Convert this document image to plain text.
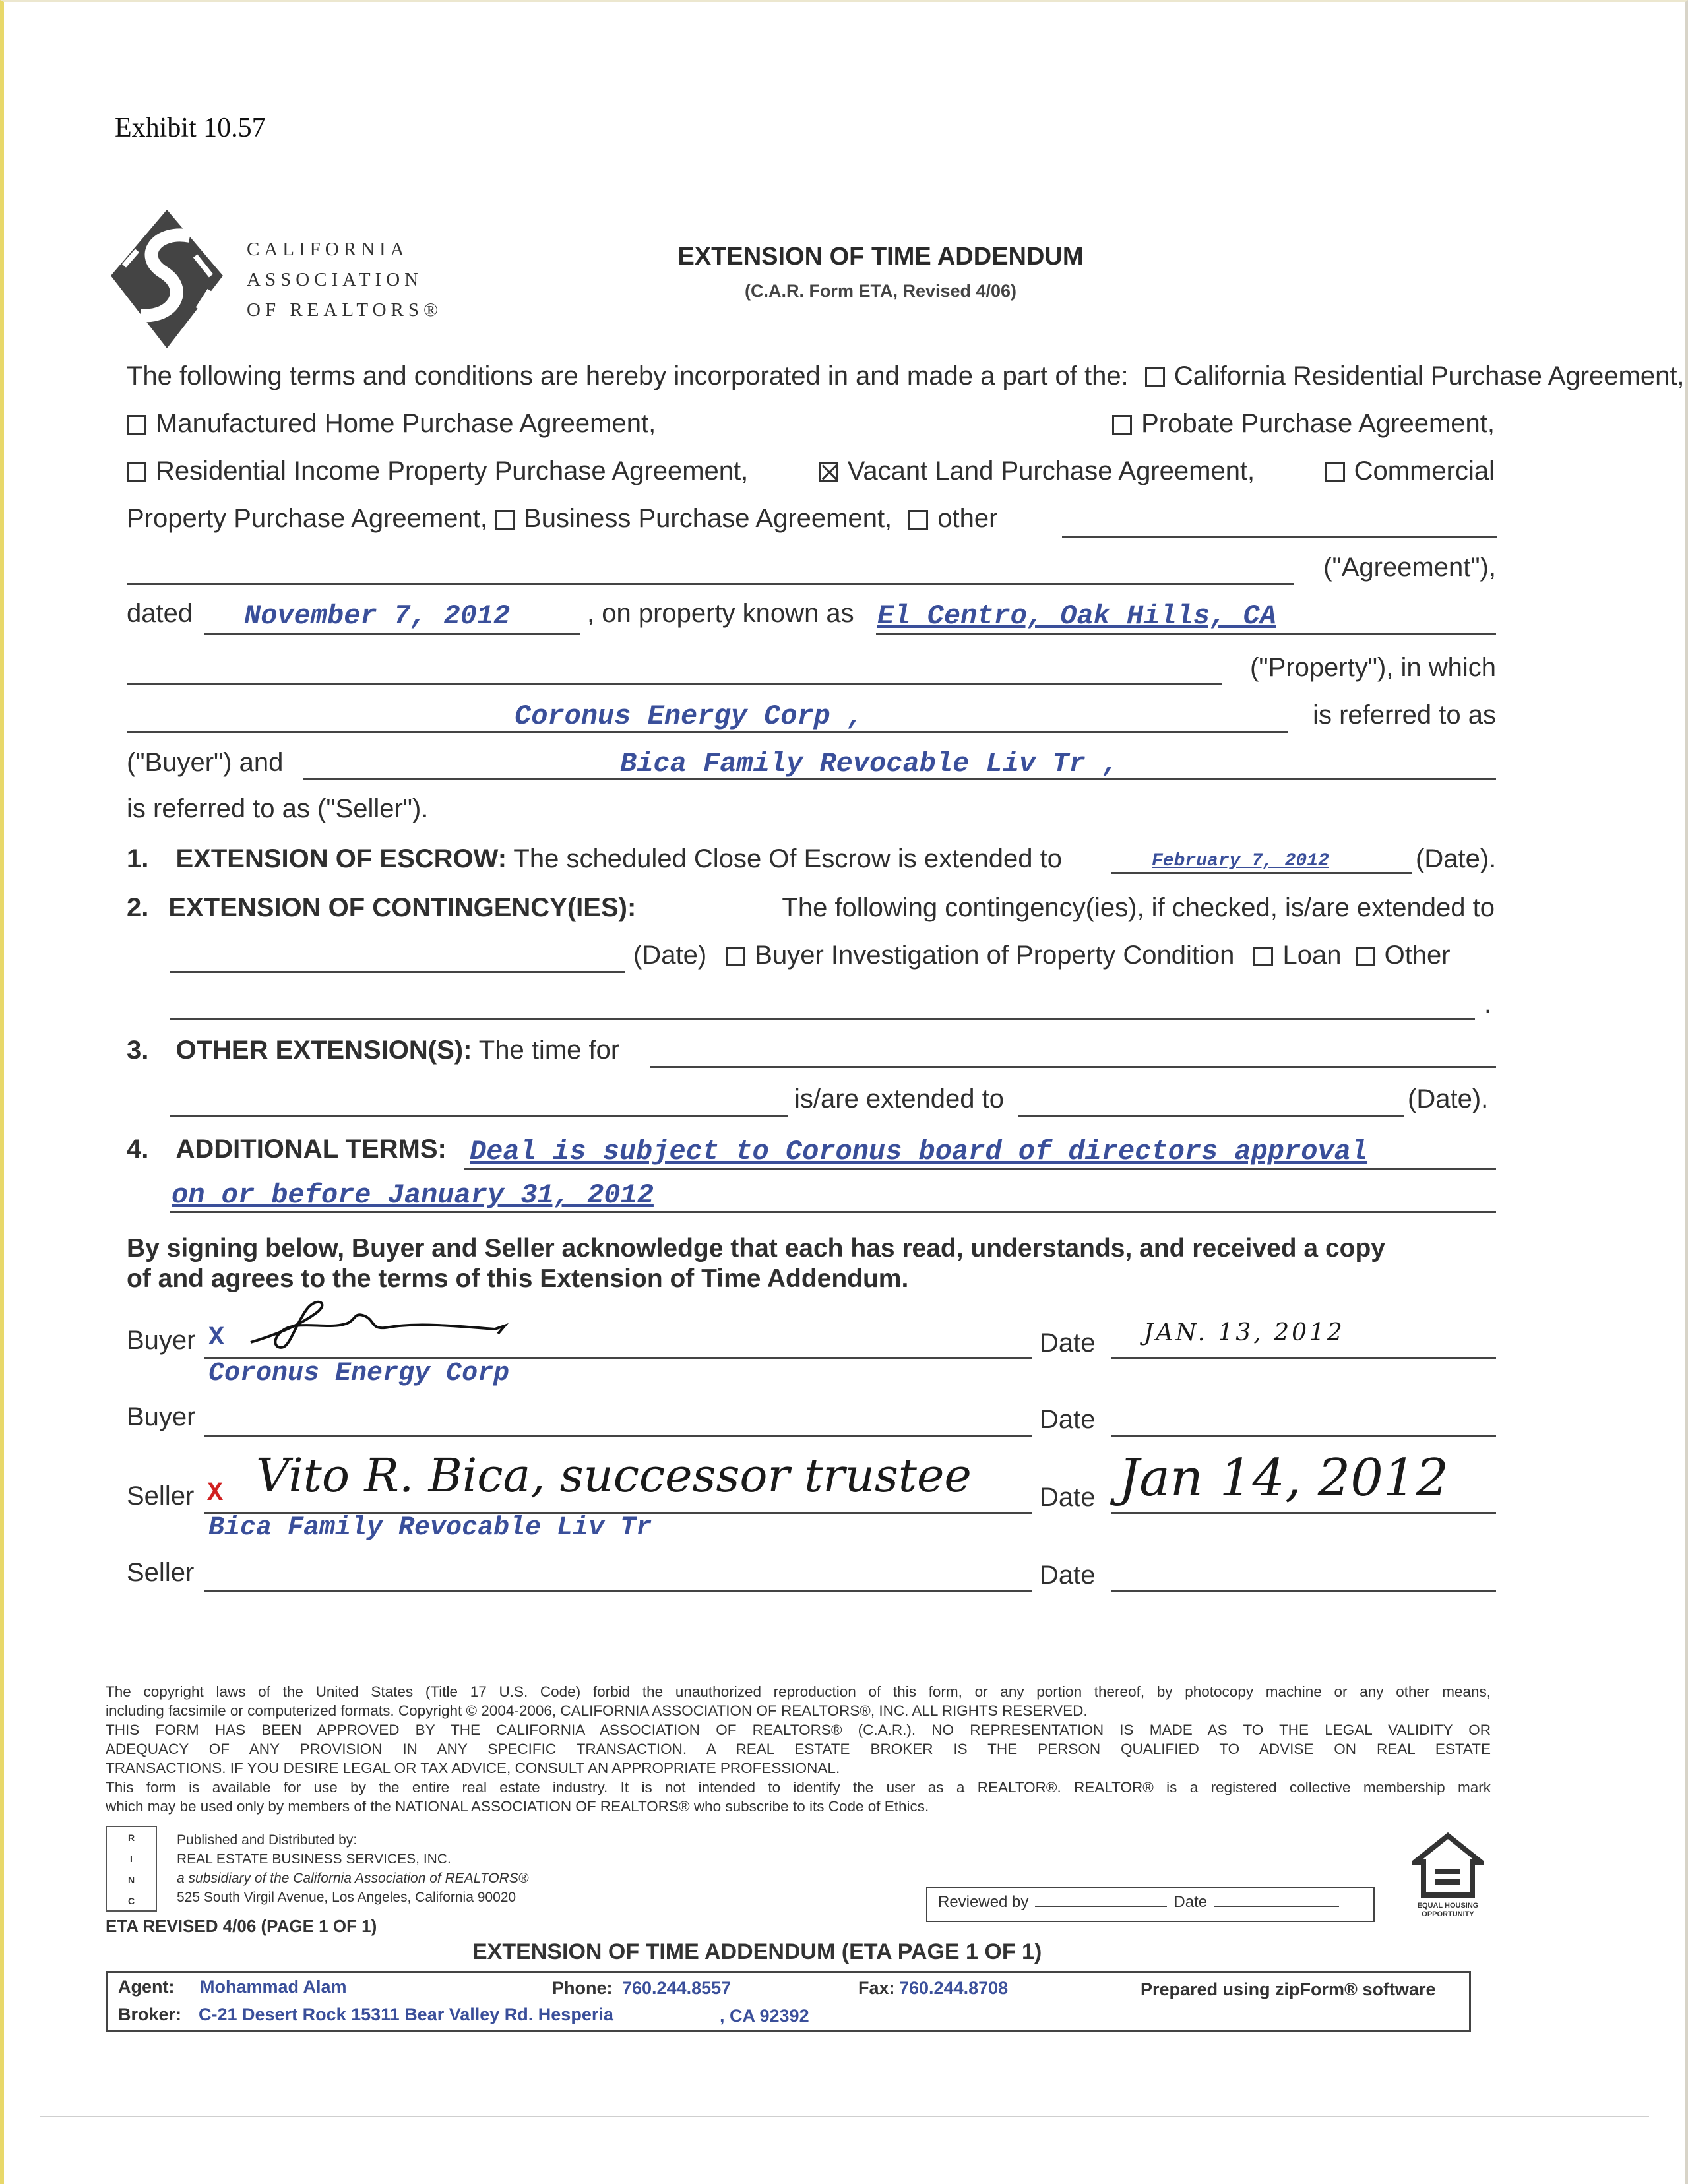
Exhibit 10.57
CALIFORNIA
ASSOCIATION
OF REALTORS®
EXTENSION OF TIME ADDENDUM
(C.A.R. Form ETA, Revised 4/06)
The following terms and conditions are hereby incorporated in and made a part of the: California Residential Purchase Agreement,
Manufactured Home Purchase Agreement,	Probate Purchase Agreement,
Residential Income Property Purchase Agreement,	Vacant Land Purchase Agreement,	Commercial
Property Purchase Agreement, Business Purchase Agreement, other
("Agreement"),
dated November 7, 2012	, on property known as El Centro, Oak Hills, CA
("Property"), in which
Coronus Energy Corp ,	is referred to as
("Buyer") and	Bica Family Revocable Liv Tr ,
is referred to as ("Seller").
1. EXTENSION OF ESCROW: The scheduled Close Of Escrow is extended to	February 7, 2012	(Date).
2. EXTENSION OF CONTINGENCY(IES):	The following contingency(ies), if checked, is/are extended to
(Date) Buyer Investigation of Property Condition Loan Other
.
3. OTHER EXTENSION(S): The time for
is/are extended to	(Date).
4. ADDITIONAL TERMS: Deal is subject to Coronus board of directors approval
on or before January 31, 2012
By signing below, Buyer and Seller acknowledge that each has read, understands, and received a copy
of and agrees to the terms of this Extension of Time Addendum.
Buyer X
Coronus Energy Corp
Date JAN. 13, 2012
Buyer	Date
Seller X Vito R. Bica, successor trustee
Bica Family Revocable Liv Tr
Date Jan 14, 2012
Seller	Date

The copyright laws of the United States (Title 17 U.S. Code) forbid the unauthorized reproduction of this form, or any portion thereof, by photocopy machine or any other means,

including facsimile or computerized formats. Copyright © 2004-2006, CALIFORNIA ASSOCIATION OF REALTORS®, INC. ALL RIGHTS RESERVED.

THIS FORM HAS BEEN APPROVED BY THE CALIFORNIA ASSOCIATION OF REALTORS® (C.A.R.). NO REPRESENTATION IS MADE AS TO THE LEGAL VALIDITY OR

ADEQUACY OF ANY PROVISION IN ANY SPECIFIC TRANSACTION. A REAL ESTATE BROKER IS THE PERSON QUALIFIED TO ADVISE ON REAL ESTATE

TRANSACTIONS. IF YOU DESIRE LEGAL OR TAX ADVICE, CONSULT AN APPROPRIATE PROFESSIONAL.

This form is available for use by the entire real estate industry. It is not intended to identify the user as a REALTOR®. REALTOR® is a registered collective membership mark

which may be used only by members of the NATIONAL ASSOCIATION OF REALTORS® who subscribe to its Code of Ethics.

R
I
N
C
Published and Distributed by:
REAL ESTATE BUSINESS SERVICES, INC.
a subsidiary of the California Association of REALTORS®
525 South Virgil Avenue, Los Angeles, California 90020
ETA REVISED 4/06 (PAGE 1 OF 1)
Reviewed by	Date	EQUAL HOUSING
OPPORTUNITY
EXTENSION OF TIME ADDENDUM (ETA PAGE 1 OF 1)
Agent: Mohammad Alam	Phone: 760.244.8557	Fax: 760.244.8708	Prepared using zipForm® software
Broker: C-21 Desert Rock 15311 Bear Valley Rd. Hesperia	, CA 92392
